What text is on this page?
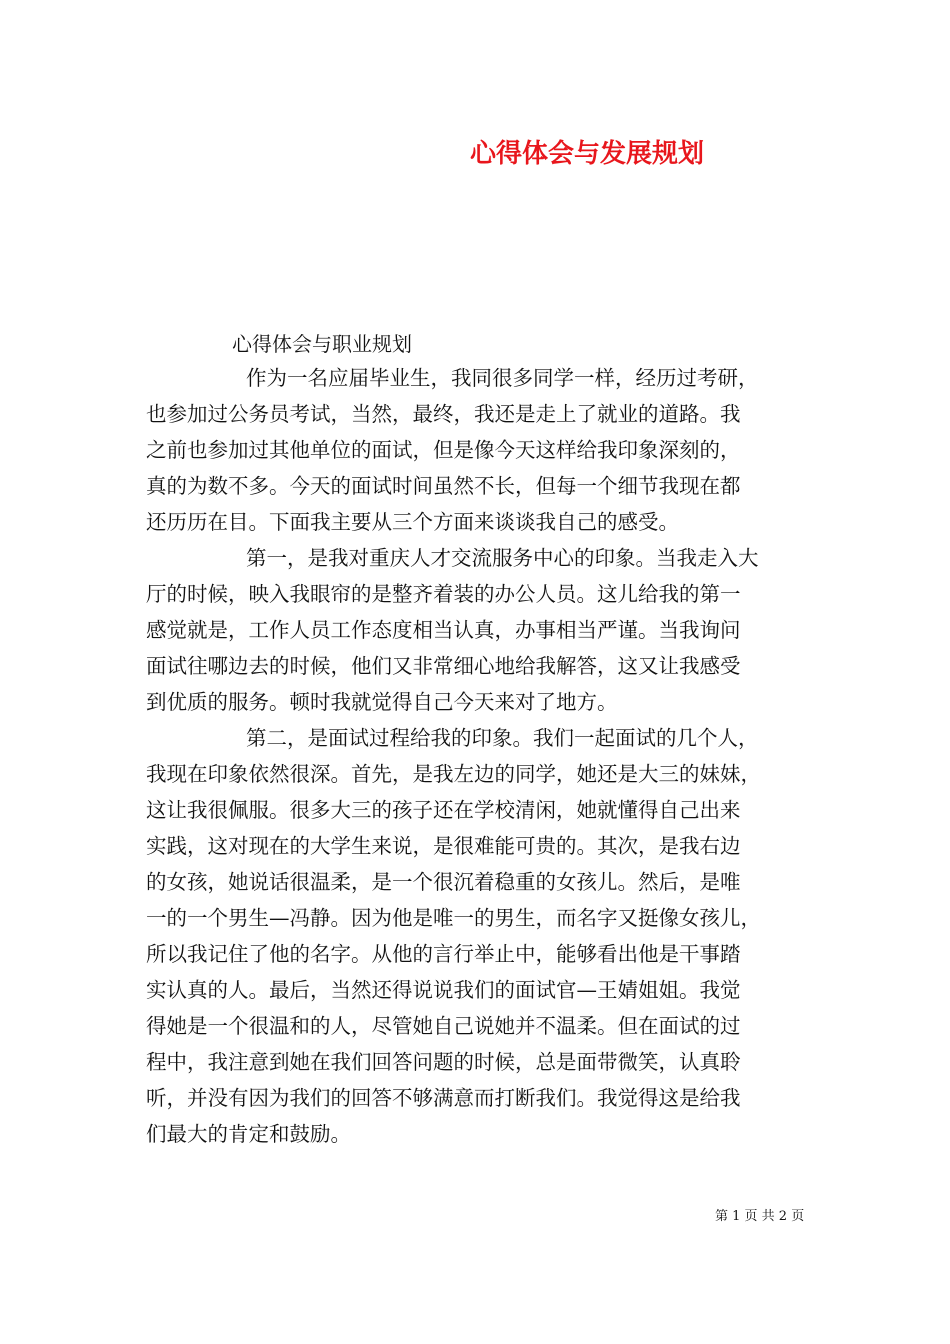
心得体会与发展规划
心得体会与职业规划
作为一名应届毕业生，我同很多同学一样，经历过考研，
也参加过公务员考试，当然，最终，我还是走上了就业的道路。我
之前也参加过其他单位的面试，但是像今天这样给我印象深刻的，
真的为数不多。今天的面试时间虽然不长，但每一个细节我现在都
还历历在目。下面我主要从三个方面来谈谈我自己的感受。
第一，是我对重庆人才交流服务中心的印象。当我走入大
厅的时候，映入我眼帘的是整齐着装的办公人员。这儿给我的第一
感觉就是，工作人员工作态度相当认真，办事相当严谨。当我询问
面试往哪边去的时候，他们又非常细心地给我解答，这又让我感受
到优质的服务。顿时我就觉得自己今天来对了地方。
第二，是面试过程给我的印象。我们一起面试的几个人，
我现在印象依然很深。首先，是我左边的同学，她还是大三的妹妹，
这让我很佩服。很多大三的孩子还在学校清闲，她就懂得自己出来
实践，这对现在的大学生来说，是很难能可贵的。其次，是我右边
的女孩，她说话很温柔，是一个很沉着稳重的女孩儿。然后，是唯
一的一个男生—冯静。因为他是唯一的男生，而名字又挺像女孩儿，
所以我记住了他的名字。从他的言行举止中，能够看出他是干事踏
实认真的人。最后，当然还得说说我们的面试官—王婧姐姐。我觉
得她是一个很温和的人，尽管她自己说她并不温柔。但在面试的过
程中，我注意到她在我们回答问题的时候，总是面带微笑，认真聆
听，并没有因为我们的回答不够满意而打断我们。我觉得这是给我
们最大的肯定和鼓励。
第 1 页 共 2 页
